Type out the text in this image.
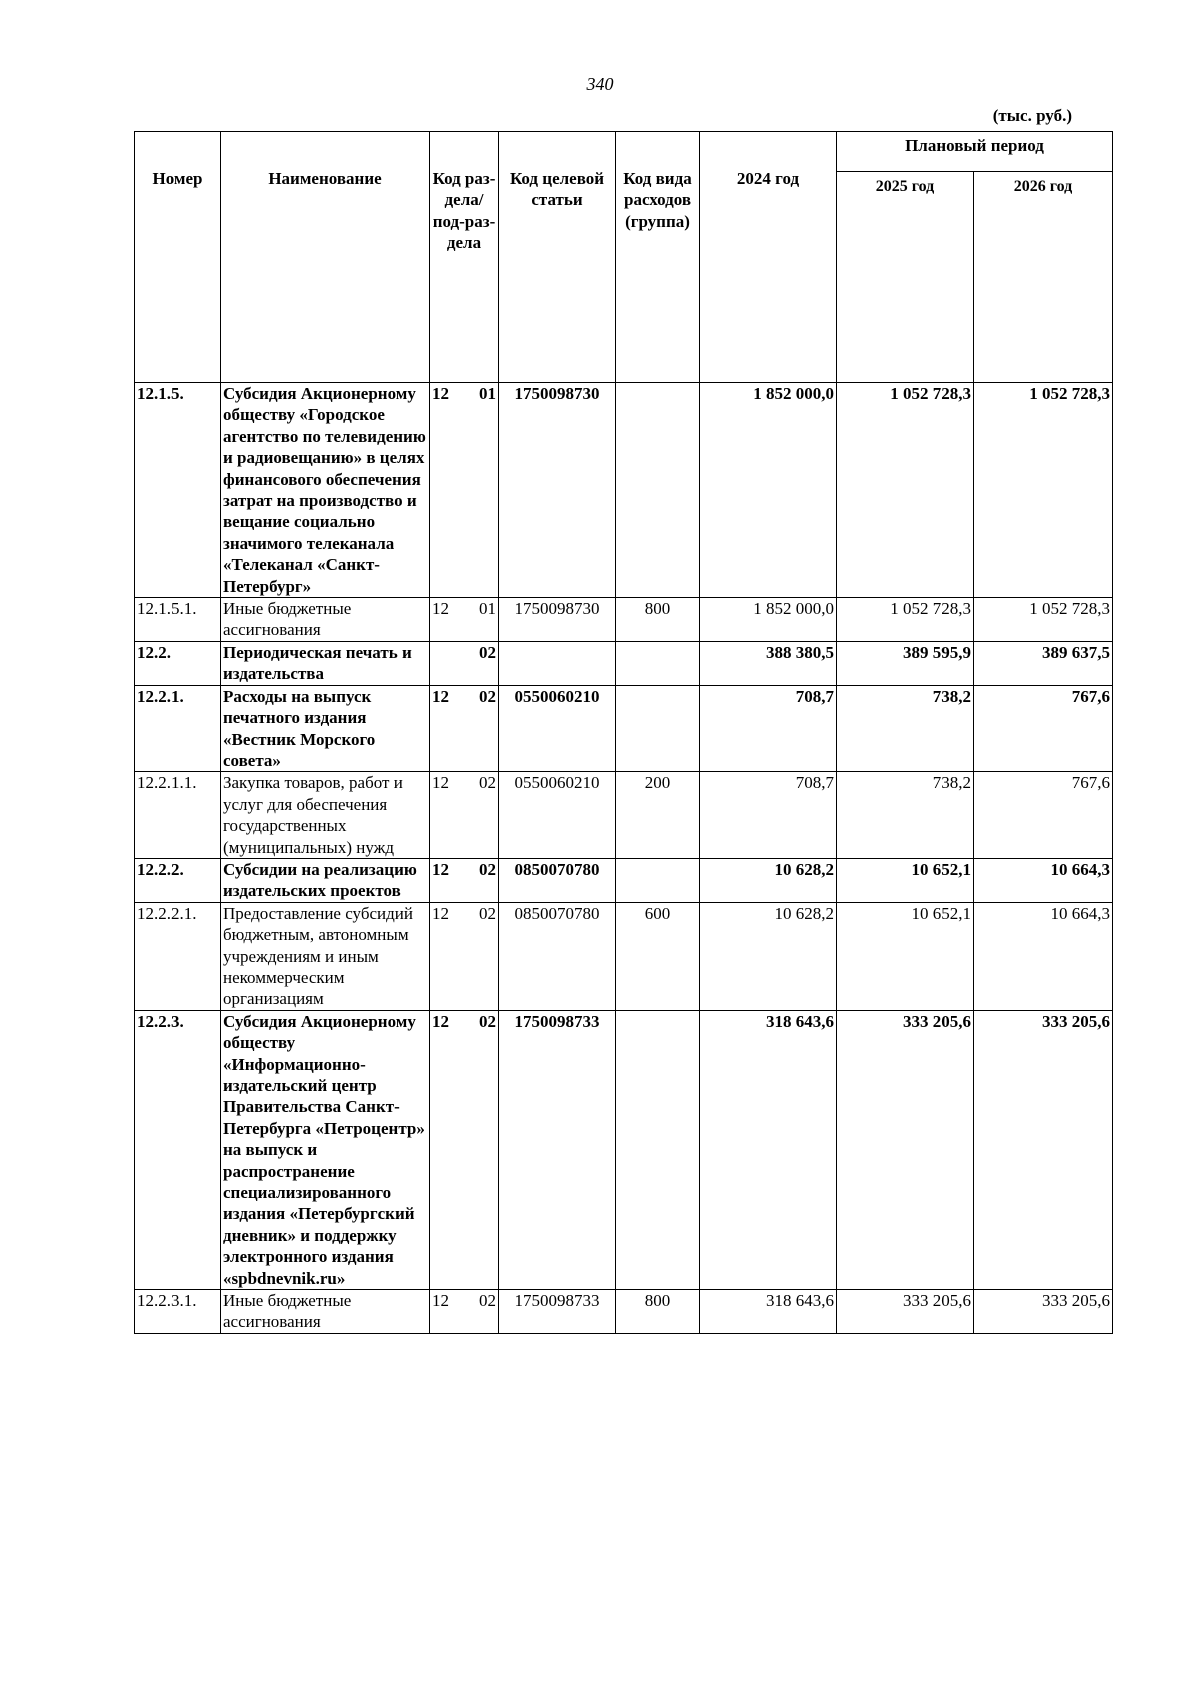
340
(тыс. руб.)
Номер	Наименование	Код раз-дела/ под-раз-дела	Код целевой статьи	Код вида расходов (группа)	2024 год	Плановый период	
						2025 год	2026 год
12.1.5.	Субсидия Акционерному обществу «Городское агентство по телевидению и радиовещанию» в целях финансового обеспечения затрат на производство и вещание социально значимого телеканала «Телеканал «Санкт-Петербург»	12 01	1750098730		1 852 000,0	1 052 728,3	1 052 728,3
12.1.5.1.	Иные бюджетные ассигнования	12 01	1750098730	800	1 852 000,0	1 052 728,3	1 052 728,3
12.2.	Периодическая печать и издательства	02			388 380,5	389 595,9	389 637,5
12.2.1.	Расходы на выпуск печатного издания «Вестник Морского совета»	12 02	0550060210		708,7	738,2	767,6
12.2.1.1.	Закупка товаров, работ и услуг для обеспечения государственных (муниципальных) нужд	12 02	0550060210	200	708,7	738,2	767,6
12.2.2.	Субсидии на реализацию издательских проектов	12 02	0850070780		10 628,2	10 652,1	10 664,3
12.2.2.1.	Предоставление субсидий бюджетным, автономным учреждениям и иным некоммерческим организациям	12 02	0850070780	600	10 628,2	10 652,1	10 664,3
12.2.3.	Субсидия Акционерному обществу «Информационно-издательский центр Правительства Санкт-Петербурга «Петроцентр» на выпуск и распространение специализированного издания «Петербургский дневник» и поддержку электронного издания «spbdnevnik.ru»	12 02	1750098733		318 643,6	333 205,6	333 205,6
12.2.3.1.	Иные бюджетные ассигнования	12 02	1750098733	800	318 643,6	333 205,6	333 205,6
